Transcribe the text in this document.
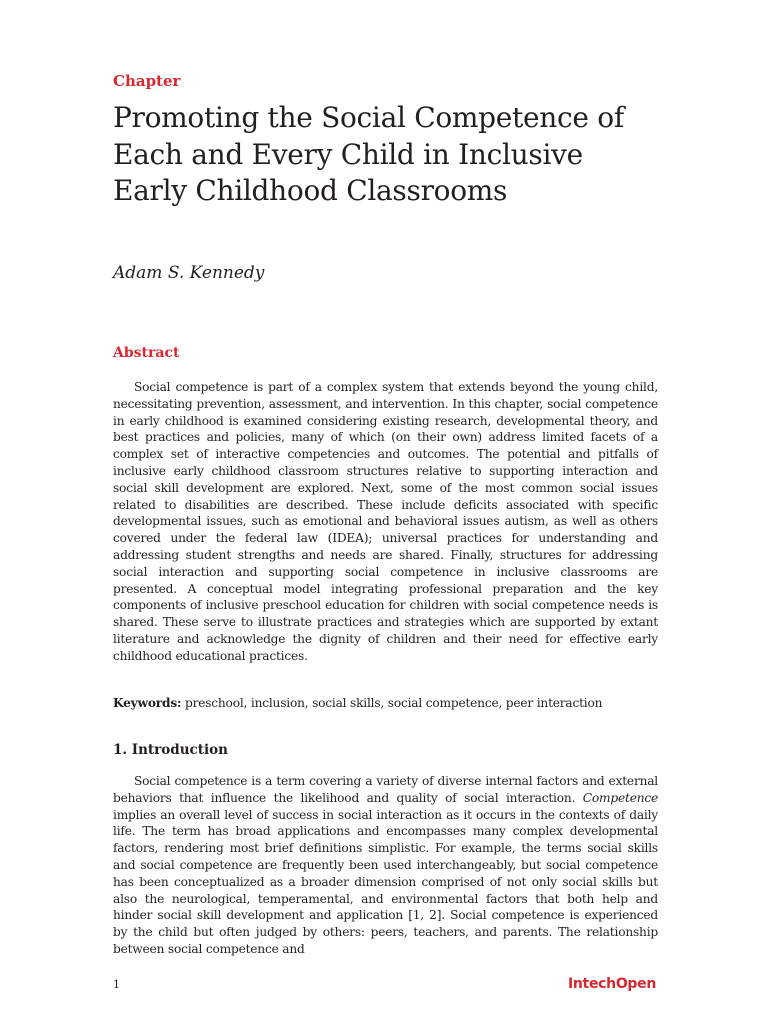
Chapter
Promoting the Social Competence of Each and Every Child in Inclusive Early Childhood Classrooms
Adam S. Kennedy
Abstract

Social competence is part of a complex system that extends beyond the young child, necessitating prevention, assessment, and intervention. In this chapter, social competence in early childhood is examined considering existing research, developmental theory, and best practices and policies, many of which (on their own) address limited facets of a complex set of interactive competencies and outcomes. The potential and pitfalls of inclusive early childhood classroom structures relative to supporting interaction and social skill development are explored. Next, some of the most common social issues related to disabilities are described. These include deficits associated with specific developmental issues, such as emotional and behavioral issues autism, as well as others covered under the federal law (IDEA); universal practices for understanding and addressing student strengths and needs are shared. Finally, structures for addressing social interaction and supporting social competence in inclusive classrooms are presented. A conceptual model integrating professional preparation and the key components of inclusive preschool education for children with social competence needs is shared. These serve to illustrate practices and strategies which are supported by extant literature and acknowledge the dignity of children and their need for effective early childhood educational practices.

Keywords: preschool, inclusion, social skills, social competence, peer interaction
1. Introduction

Social competence is a term covering a variety of diverse internal factors and external behaviors that influence the likelihood and quality of social interaction. Competence implies an overall level of success in social interaction as it occurs in the contexts of daily life. The term has broad applications and encompasses many complex developmental factors, rendering most brief definitions simplistic. For example, the terms social skills and social competence are frequently been used interchangeably, but social competence has been conceptualized as a broader dimension comprised of not only social skills but also the neurological, temperamental, and environmental factors that both help and hinder social skill development and application [1, 2]. Social competence is experienced by the child but often judged by others: peers, teachers, and parents. The relationship between social competence and

1	IntechOpen
